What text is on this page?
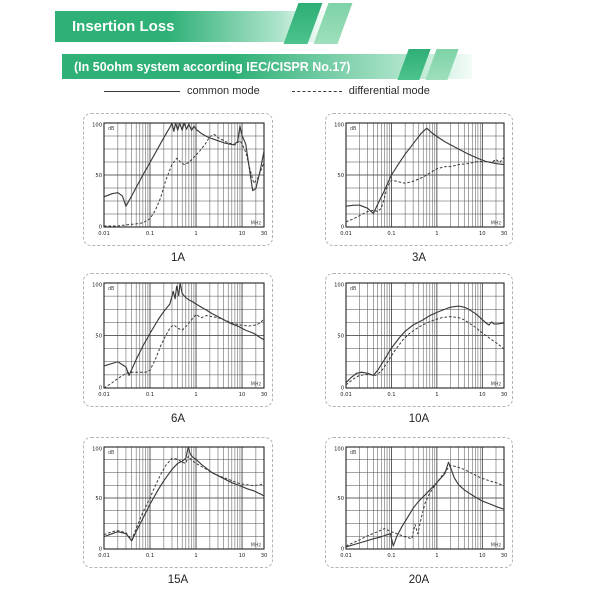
Insertion Loss
(In 50ohm system according IEC/CISPR No.17)
common mode	differential mode
100
50
0
0.01	0.1	1	10	30
dB
MHz
1A
100
50
0
0.01	0.1	1	10	30
dB
MHz
3A
100
50
0
0.01	0.1	1	10	30
dB
MHz
6A
100
50
0
0.01	0.1	1	10	30
dB
MHz
10A
100
50
0
0.01	0.1	1	10	30
dB
MHz
15A
100
50
0
0.01	0.1	1	10	30
dB
MHz
20A
